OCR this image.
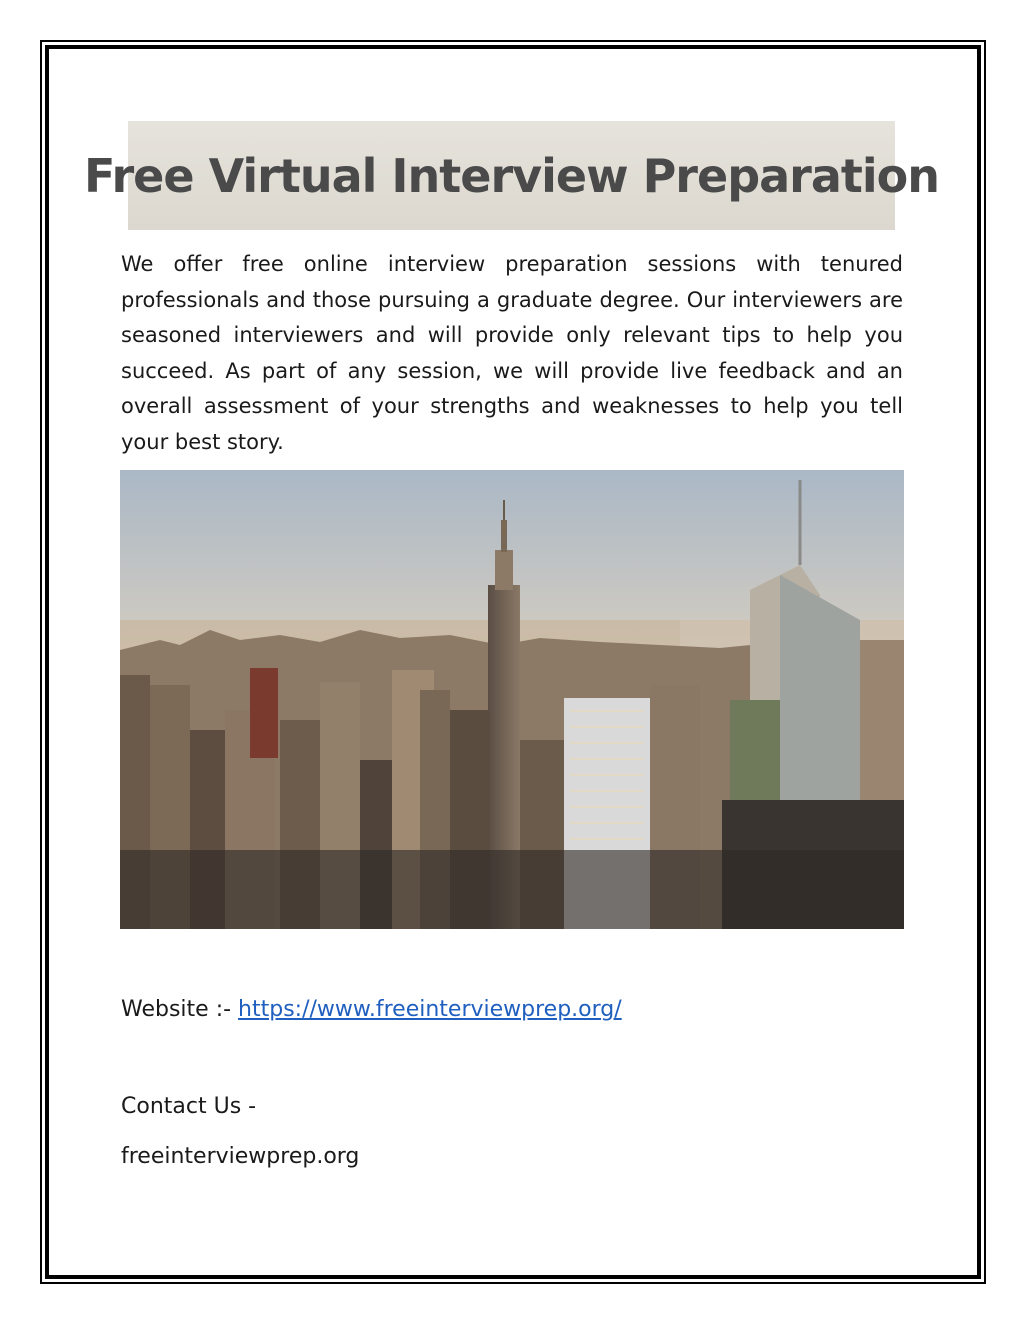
Free Virtual Interview Preparation
We offer free online interview preparation sessions with tenured professionals and those pursuing a graduate degree. Our interviewers are seasoned interviewers and will provide only relevant tips to help you succeed. As part of any session, we will provide live feedback and an overall assessment of your strengths and weaknesses to help you tell your best story.
Website :- https://www.freeinterviewprep.org/
Contact Us -
freeinterviewprep.org
